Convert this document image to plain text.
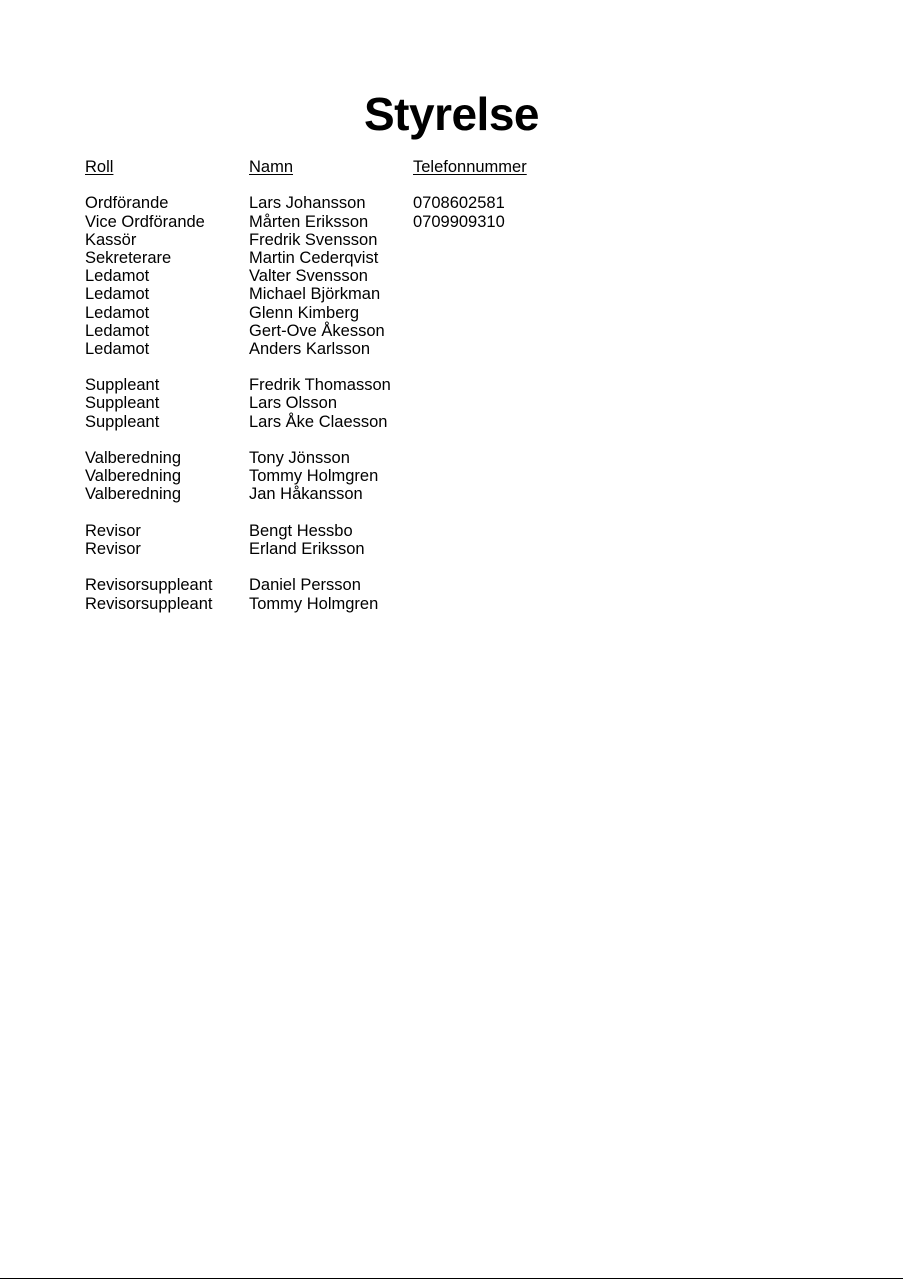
Styrelse
Roll	Namn	Telefonnummer
Ordförande	Lars Johansson	0708602581
Vice Ordförande	Mårten Eriksson	0709909310
Kassör	Fredrik Svensson
Sekreterare	Martin Cederqvist
Ledamot	Valter Svensson
Ledamot	Michael Björkman
Ledamot	Glenn Kimberg
Ledamot	Gert-Ove Åkesson
Ledamot	Anders Karlsson
Suppleant	Fredrik Thomasson
Suppleant	Lars Olsson
Suppleant	Lars Åke Claesson
Valberedning	Tony Jönsson
Valberedning	Tommy Holmgren
Valberedning	Jan Håkansson
Revisor	Bengt Hessbo
Revisor	Erland Eriksson
Revisorsuppleant	Daniel Persson
Revisorsuppleant	Tommy Holmgren
